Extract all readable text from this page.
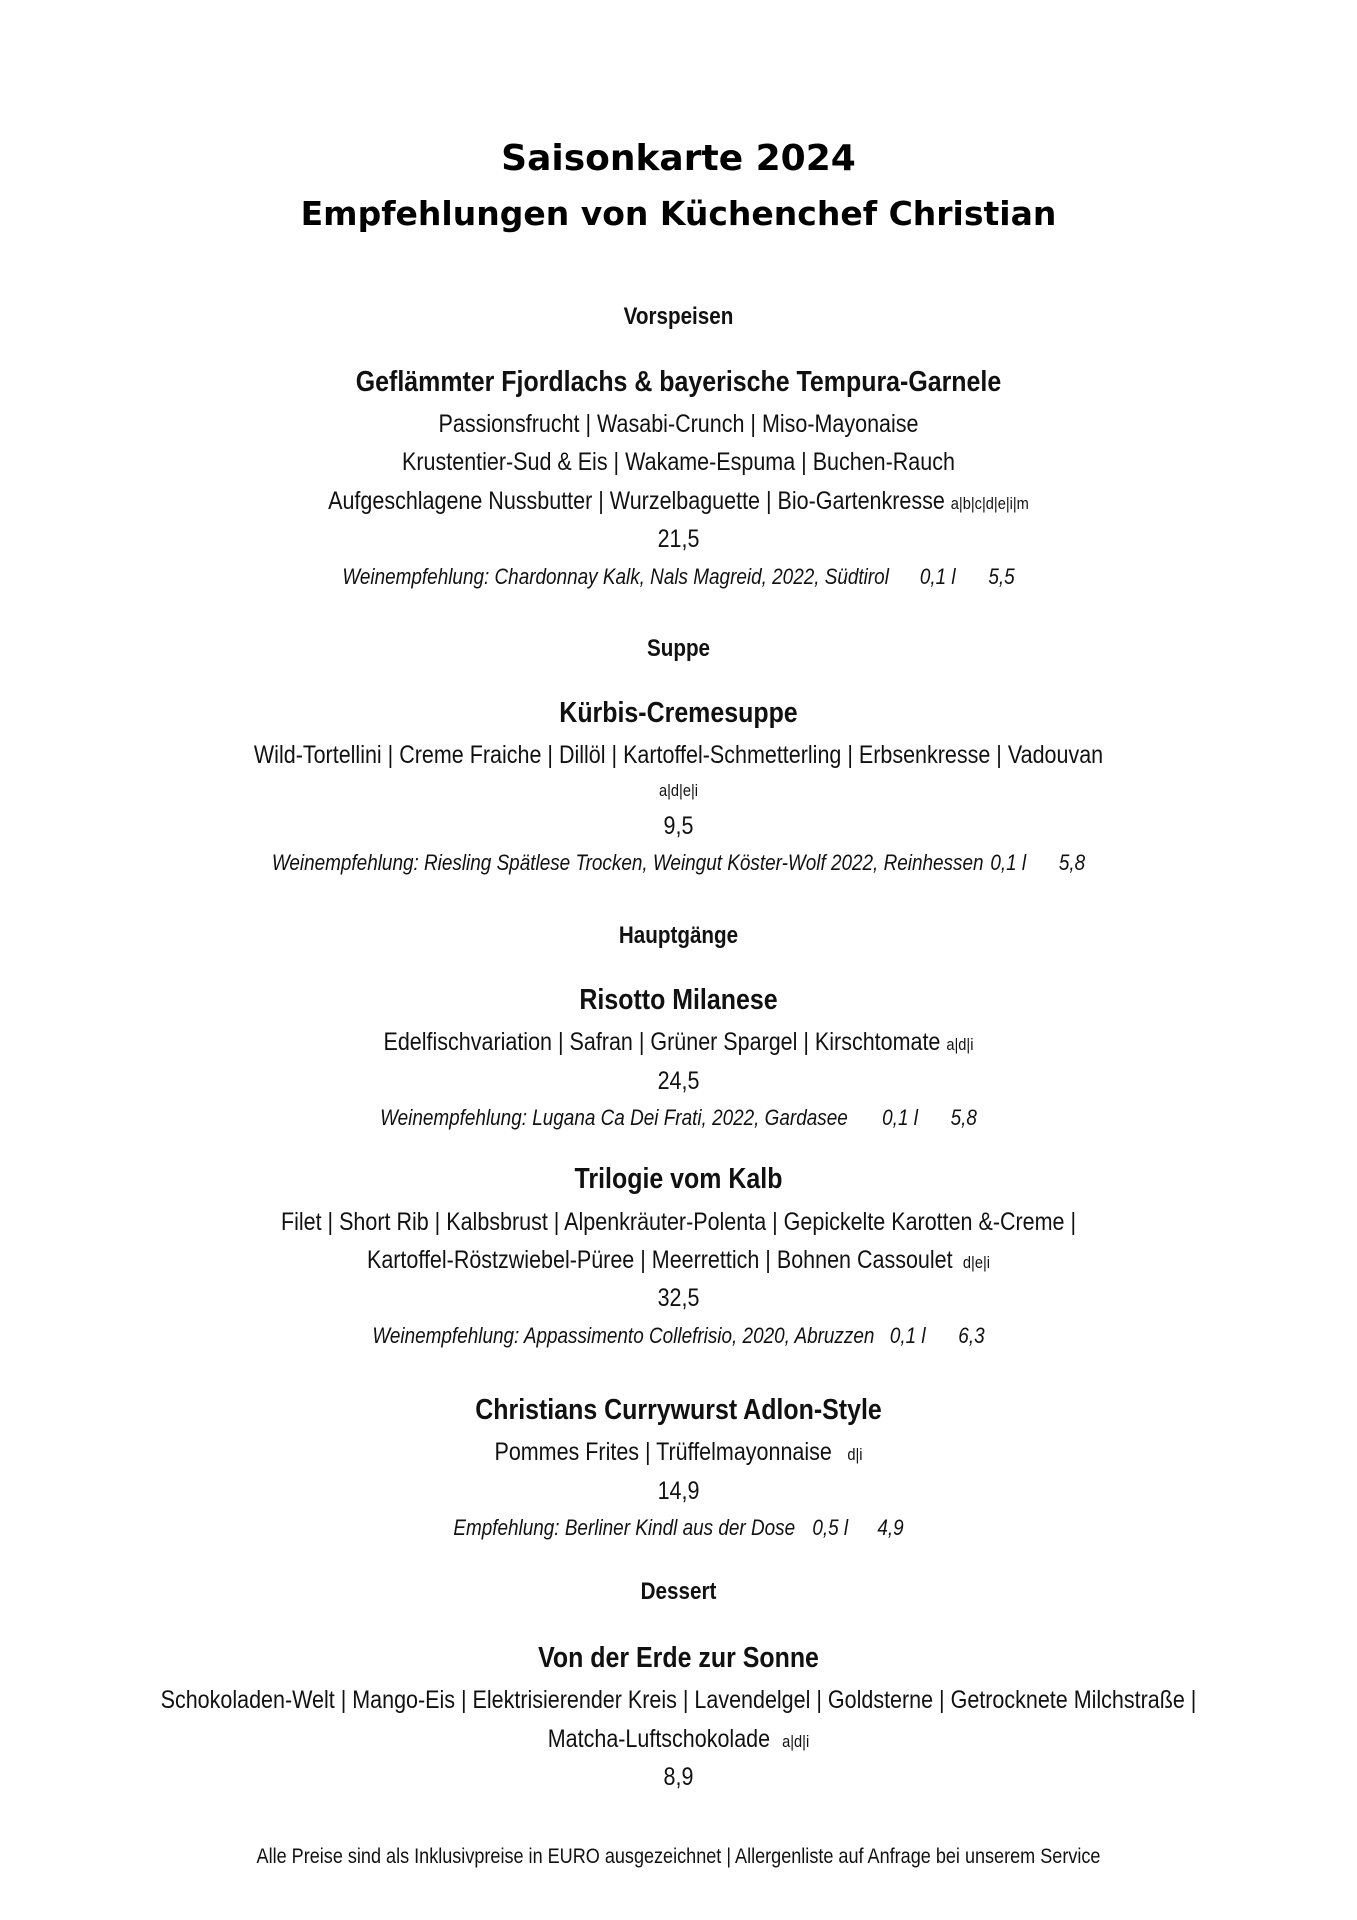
Saisonkarte 2024
Empfehlungen von Küchenchef Christian
Vorspeisen
Geflämmter Fjordlachs & bayerische Tempura-Garnele
Passionsfrucht | Wasabi-Crunch | Miso-Mayonaise
Krustentier-Sud & Eis | Wakame-Espuma | Buchen-Rauch
Aufgeschlagene Nussbutter | Wurzelbaguette | Bio-Gartenkresse a|b|c|d|e|i|m
21,5
Weinempfehlung: Chardonnay Kalk, Nals Magreid, 2022, Südtirol 0,1 l 5,5
Suppe
Kürbis-Cremesuppe
Wild-Tortellini | Creme Fraiche | Dillöl | Kartoffel-Schmetterling | Erbsenkresse | Vadouvan
a|d|e|i
9,5
Weinempfehlung: Riesling Spätlese Trocken, Weingut Köster-Wolf 2022, Reinhessen 0,1 l 5,8
Hauptgänge
Risotto Milanese
Edelfischvariation | Safran | Grüner Spargel | Kirschtomate a|d|i
24,5
Weinempfehlung: Lugana Ca Dei Frati, 2022, Gardasee 0,1 l 5,8
Trilogie vom Kalb
Filet | Short Rib | Kalbsbrust | Alpenkräuter-Polenta | Gepickelte Karotten &-Creme |
Kartoffel-Röstzwiebel-Püree | Meerrettich | Bohnen Cassoulet d|e|i
32,5
Weinempfehlung: Appassimento Collefrisio, 2020, Abruzzen 0,1 l 6,3
Christians Currywurst Adlon-Style
Pommes Frites | Trüffelmayonnaise d|i
14,9
Empfehlung: Berliner Kindl aus der Dose 0,5 l 4,9
Dessert
Von der Erde zur Sonne
Schokoladen-Welt | Mango-Eis | Elektrisierender Kreis | Lavendelgel | Goldsterne | Getrocknete Milchstraße |
Matcha-Luftschokolade a|d|i
8,9
Alle Preise sind als Inklusivpreise in EURO ausgezeichnet | Allergenliste auf Anfrage bei unserem Service
